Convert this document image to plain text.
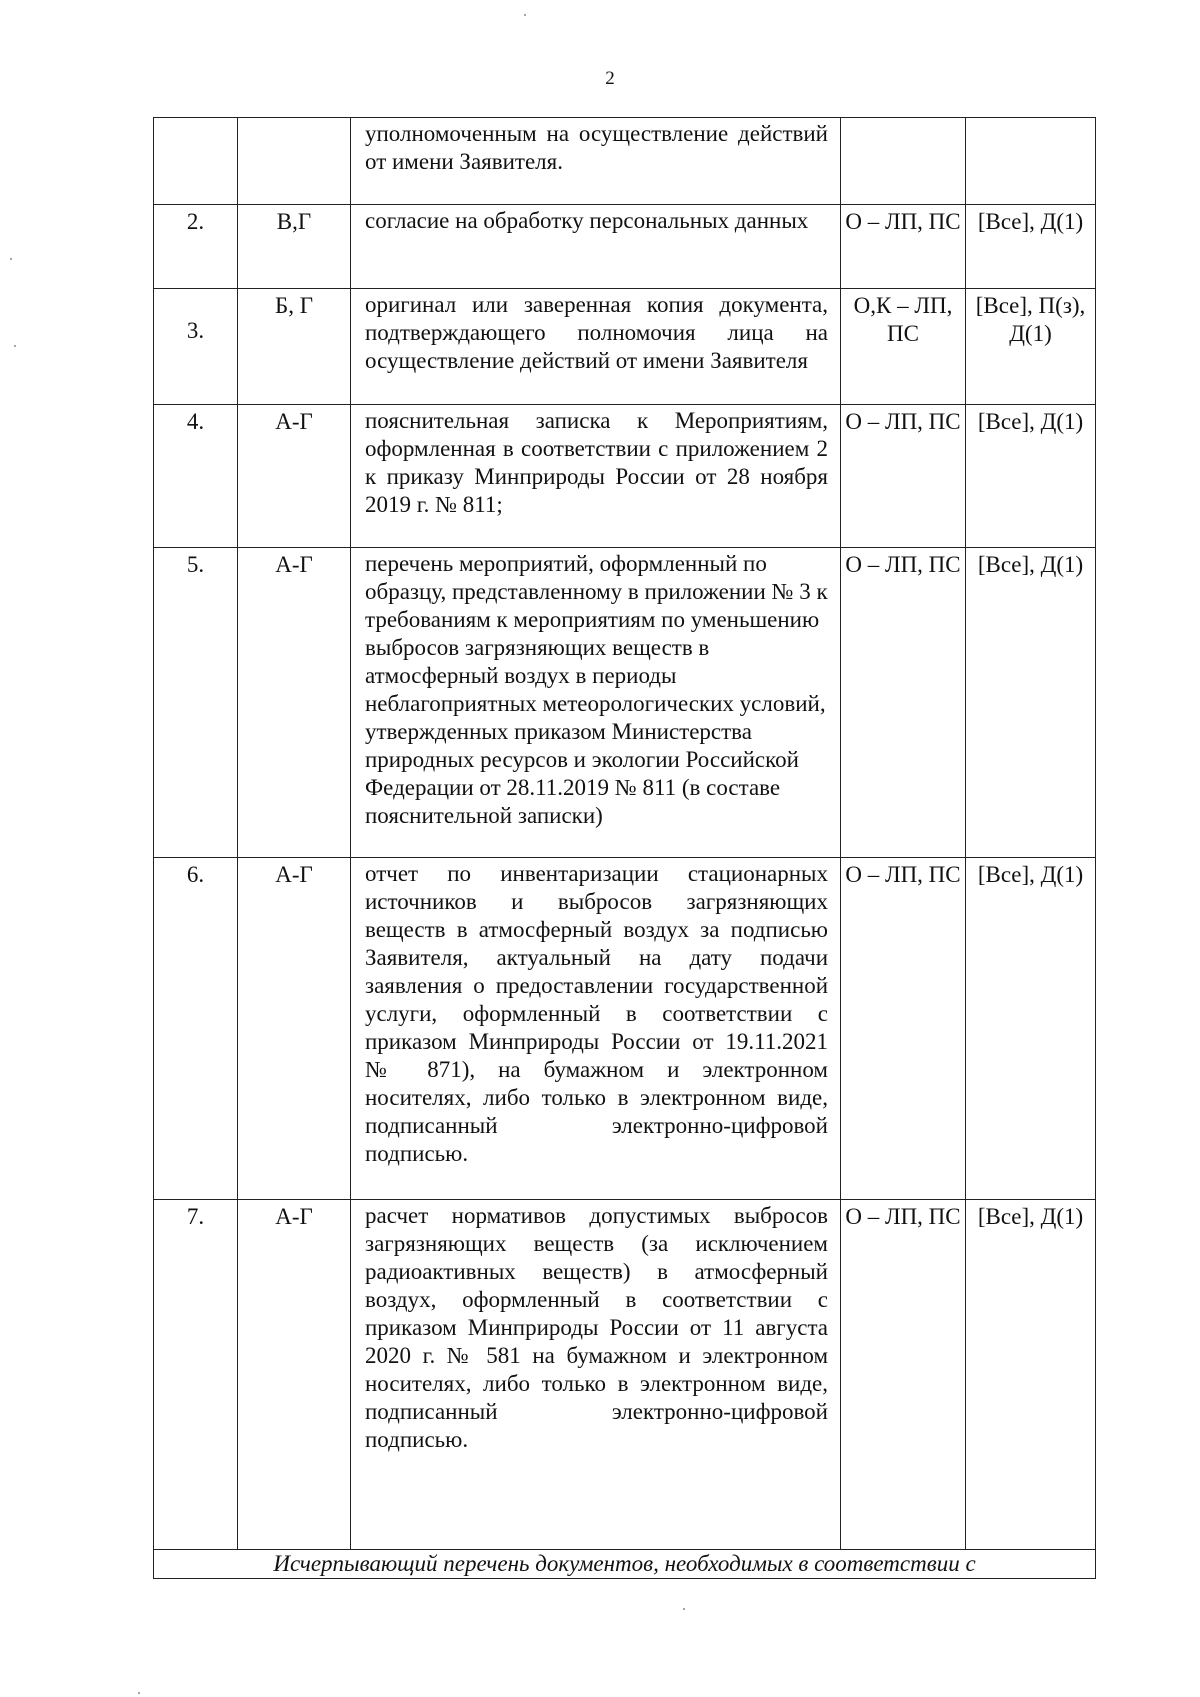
2
		уполномоченным на осуществление действий от имени Заявителя.		
2.	В,Г	согласие на обработку персональных данных	О – ЛП, ПС	[Все], Д(1)
3.	Б, Г	оригинал или заверенная копия документа, подтверждающего полномочия лица на осуществление действий от имени Заявителя	О,К – ЛП, ПС	[Все], П(з), Д(1)
4.	А-Г	пояснительная записка к Мероприятиям, оформленная в соответствии с приложением 2 к приказу Минприроды России от 28 ноября 2019 г. № 811;	О – ЛП, ПС	[Все], Д(1)
5.	А-Г	перечень мероприятий, оформленный по образцу, представленному в приложении № 3 к требованиям к мероприятиям по уменьшению выбросов загрязняющих веществ в атмосферный воздух в периоды неблагоприятных метеорологических условий, утвержденных приказом Министерства природных ресурсов и экологии Российской Федерации от 28.11.2019 № 811 (в составе пояснительной записки)	О – ЛП, ПС	[Все], Д(1)
6.	А-Г	отчет по инвентаризации стационарных источников и выбросов загрязняющих веществ в атмосферный воздух за подписью Заявителя, актуальный на дату подачи заявления о предоставлении государственной услуги, оформленный в соответствии с приказом Минприроды России от 19.11.2021 № 871), на бумажном и электронном носителях, либо только в электронном виде, подписанный электронно-цифровой подписью.	О – ЛП, ПС	[Все], Д(1)
7.	А-Г	расчет нормативов допустимых выбросов загрязняющих веществ (за исключением радиоактивных веществ) в атмосферный воздух, оформленный в соответствии с приказом Минприроды России от 11 августа 2020 г. № 581 на бумажном и электронном носителях, либо только в электронном виде, подписанный электронно-цифровой подписью.	О – ЛП, ПС	[Все], Д(1)
Исчерпывающий перечень документов, необходимых в соответствии с				
